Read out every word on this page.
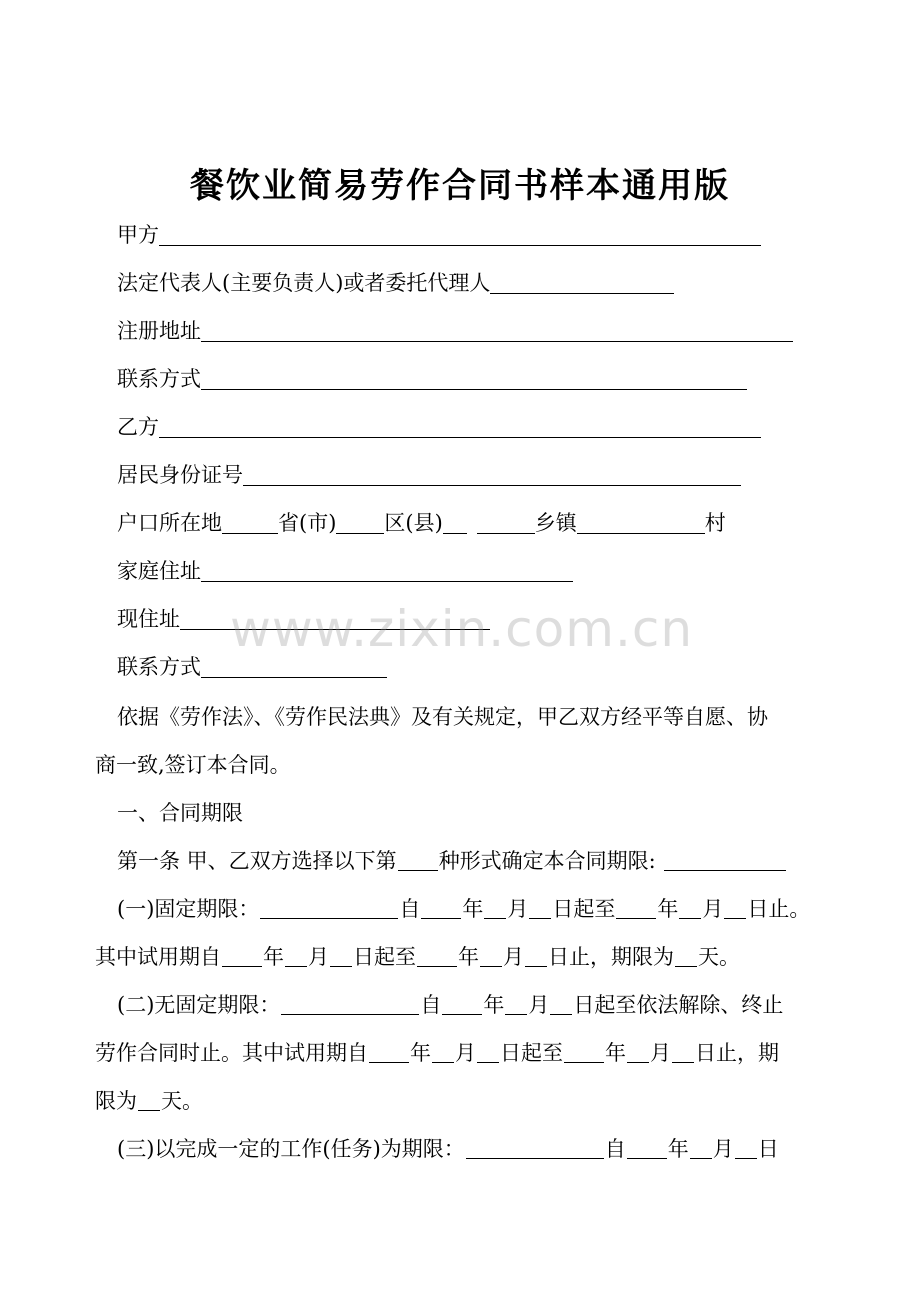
餐饮业简易劳作合同书样本通用版
甲方
法定代表人(主要负责人)或者委托代理人
注册地址
联系方式
乙方
居民身份证号
户口所在地	省(市) 区(县)	乡镇	村
家庭住址
现住址
联系方式
依据《劳作法》、《劳作民法典》及有关规定，甲乙双方经平等自愿、协
商一致,签订本合同。
一、合同期限
第一条 甲、乙双方选择以下第 种形式确定本合同期限:
(一)固定期限：	自 年 月 日起至 年 月 日止。
其中试用期自 年 月 日起至 年 月 日止，期限为 天。
(二)无固定期限：	自 年 月 日起至依法解除、终止
劳作合同时止。其中试用期自 年 月 日起至 年 月 日止，期
限为 天。
(三)以完成一定的工作(任务)为期限：	自 年 月 日
www.zixin.com.cn
